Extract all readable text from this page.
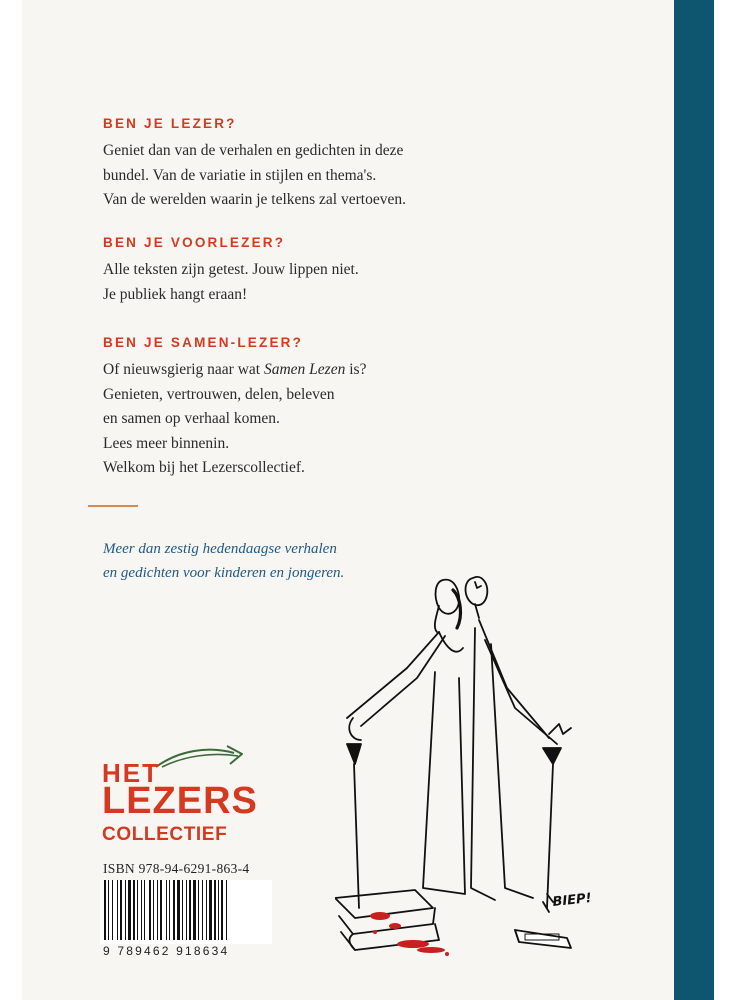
BEN JE LEZER?

Geniet dan van de verhalen en gedichten in deze

bundel. Van de variatie in stijlen en thema's.

Van de werelden waarin je telkens zal vertoeven.

BEN JE VOORLEZER?

Alle teksten zijn getest. Jouw lippen niet.

Je publiek hangt eraan!

BEN JE SAMEN-LEZER?

Of nieuwsgierig naar wat Samen Lezen is?

Genieten, vertrouwen, delen, beleven

en samen op verhaal komen.

Lees meer binnenin.

Welkom bij het Lezerscollectief.

Meer dan zestig hedendaagse verhalen

en gedichten voor kinderen en jongeren.

HET

LEZERS

COLLECTIEF

ISBN 978-94-6291-863-4
9 789462 918634
BIEP!
